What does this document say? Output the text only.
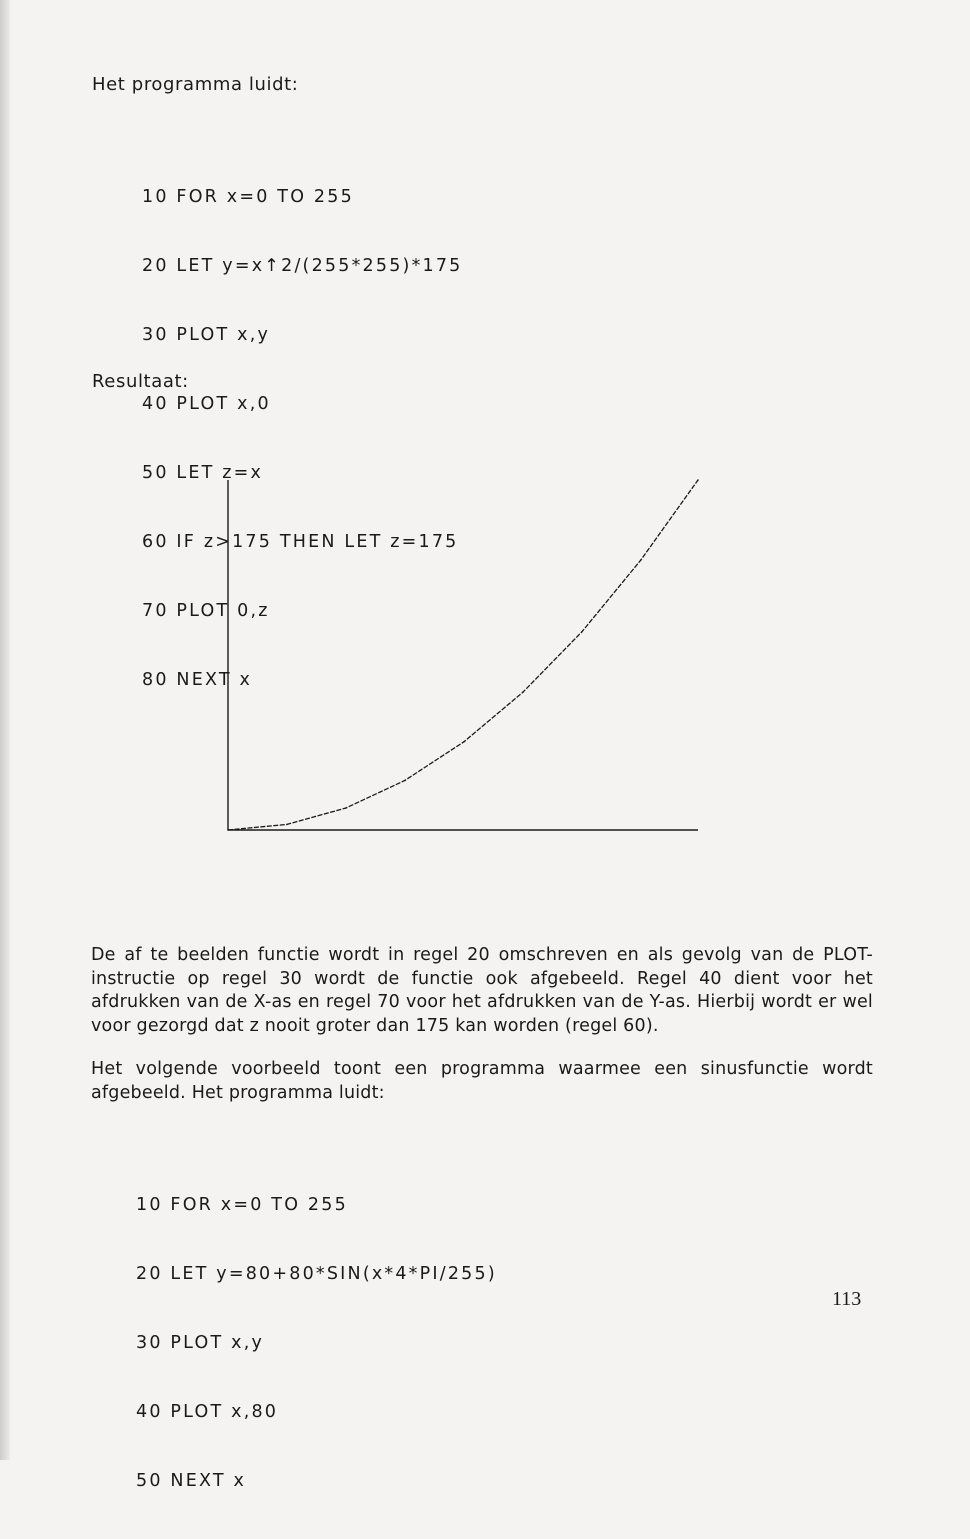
Het programma luidt:

10 FOR x=0 TO 255

20 LET y=x↑2/(255*255)*175

30 PLOT x,y

40 PLOT x,0

50 LET z=x

60 IF z>175 THEN LET z=175

70 PLOT 0,z

80 NEXT x

Resultaat:
De af te beelden functie wordt in regel 20 omschreven en als gevolg van de PLOT-instructie op regel 30 wordt de functie ook afgebeeld. Regel 40 dient voor het afdrukken van de X-as en regel 70 voor het afdrukken van de Y-as. Hierbij wordt er wel voor gezorgd dat z nooit groter dan 175 kan worden (regel 60).
Het volgende voorbeeld toont een programma waarmee een sinusfunctie wordt afgebeeld. Het programma luidt:

10 FOR x=0 TO 255

20 LET y=80+80*SIN(x*4*PI/255)

30 PLOT x,y

40 PLOT x,80

50 NEXT x

113
